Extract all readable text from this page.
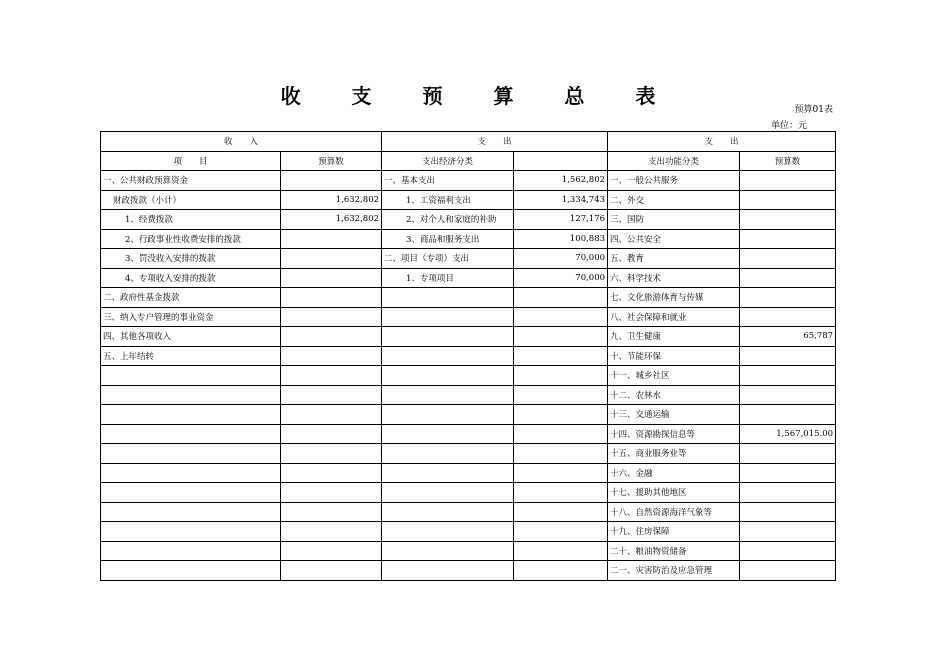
收 支 预 算 总 表
预算01表
单位：元
收　　入		支　　出		支　　出	
项　　目	预算数	支出经济分类		支出功能分类	预算数
一、公共财政预算资金		一、基本支出	1,562,802	一、一般公共服务	
财政拨款（小计）	1,632,802	1、工资福利支出	1,334,743	二、外交	
1、经费拨款	1,632,802	2、对个人和家庭的补助	127,176	三、国防	
2、行政事业性收费安排的拨款		3、商品和服务支出	100,883	四、公共安全	
3、罚没收入安排的拨款		二、项目（专项）支出	70,000	五、教育	
4、专项收入安排的拨款		1、专项项目	70,000	六、科学技术	
二、政府性基金拨款				七、文化旅游体育与传媒	
三、纳入专户管理的事业资金				八、社会保障和就业	
四、其他各项收入				九、卫生健康	65,787
五、上年结转				十、节能环保	
				十一、城乡社区	
				十二、农林水	
				十三、交通运输	
				十四、资源勘探信息等	1,567,015.00
				十五、商业服务业等	
				十六、金融	
				十七、援助其他地区	
				十八、自然资源海洋气象等	
				十九、住房保障	
				二十、粮油物资储备	
				二一、灾害防治及应急管理	
